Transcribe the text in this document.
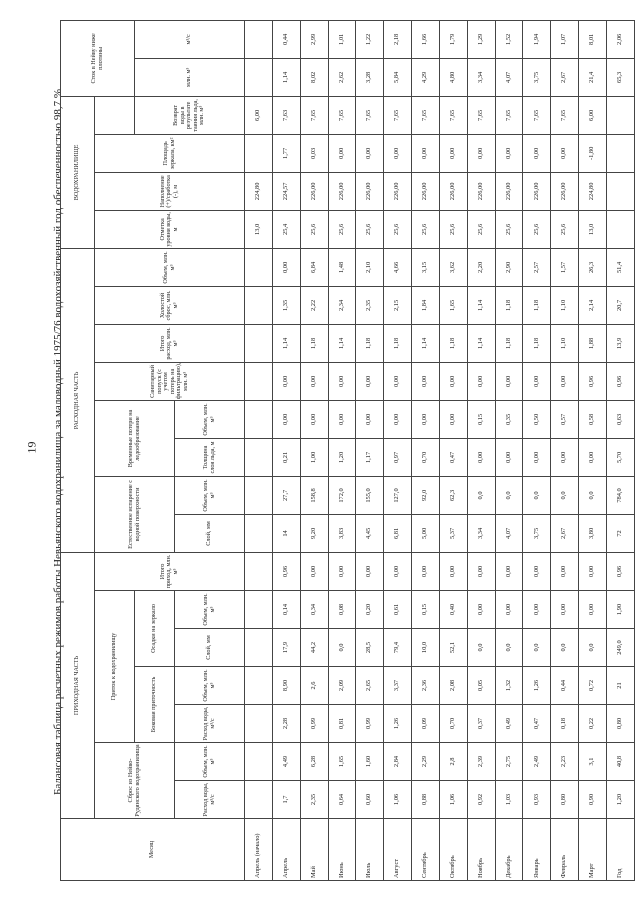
19 Балансовая таблица расчетных режимов работы Невьянского водохранилища за маловодный 1975/76 водохозяйственный год обеспеченностью 98,7 %
Месяц	ПРИХОДНАЯ ЧАСТЬ							РАСХОДНАЯ ЧАСТЬ								ВОДОХРАНИЛИЩЕ				Сток в Нейву ниже плотины	
	Сброс из Нейво-Рудянского водохранилища		Приток к водохранилищу				Итого приход, млн. м³	Естественное испарение с водной поверхности		Временные потери на ледообразование		Санитарный попуск (с учетом потерь на фильтрацию), млн. м³	Итого расход, млн. м³	Холостой сброс, млн. м³	Объем, млн. м³	Отметка уровня воды, м	Наполнение (+)/сработка (-), м	Площадь зеркала, км²				
			Боковая приточность		Осадки на зеркало														Возврат воды в результате таяния льда, млн. м³	млн. м³	м³/с	
	Расход воды, м³/с	Объем, млн. м³	Расход воды, м³/с	Объем, млн. м³	Слой, мм	Объем, млн. м³		Слой, мм	Объем, млн. м³	Толщина слоя льда, м	Объем, млн. м³											
Апрель (начало)																13,0	224,80		6,00			
Апрель	1,7	4,49	2,28	8,90	17,9	0,14	0,96	14	27,7	0,21	0,00	0,00	1,14	1,35	0,00	25,4	224,57	1,77	7,63	1,14	0,44	
Май	2,35	6,28	0,99	2,6	44,2	0,34	0,00	9,20	158,8	1,00	0,00	0,00	1,18	2,22	6,84	25,6	226,00	0,03	7,65	8,02	2,99	
Июнь	0,64	1,65	0,81	2,09	0,0	0,08	0,00	3,83	172,0	1,20	0,00	0,00	1,14	2,34	1,48	25,6	226,00	0,00	7,65	2,62	1,01	
Июль	0,60	1,60	0,99	2,65	28,5	0,20	0,00	4,45	155,0	1,17	0,00	0,00	1,18	2,35	2,10	25,6	226,00	0,00	7,65	3,28	1,22	
Август	1,06	2,84	1,26	3,37	79,4	0,61	0,00	6,81	127,0	0,97	0,00	0,00	1,18	2,15	4,66	25,6	226,00	0,00	7,65	5,84	2,18	
Сентябрь	0,88	2,29	0,09	2,36	10,0	0,15	0,00	5,00	92,0	0,70	0,00	0,00	1,14	1,84	3,15	25,6	226,00	0,00	7,65	4,29	1,66	
Октябрь	1,06	2,8	0,70	2,08	52,1	0,40	0,00	5,37	62,3	0,47	0,00	0,00	1,18	1,65	3,62	25,6	226,00	0,00	7,65	4,80	1,79	
Ноябрь	0,92	2,39	0,37	0,05	0,0	0,00	0,00	3,34	0,0	0,00	0,15	0,00	1,14	1,14	2,20	25,6	226,00	0,00	7,65	3,34	1,29	
Декабрь	1,03	2,75	0,49	1,32	0,0	0,00	0,00	4,07	0,0	0,00	0,35	0,00	1,18	1,18	2,90	25,6	226,00	0,00	7,65	4,07	1,52	
Январь	0,93	2,49	0,47	1,26	0,0	0,00	0,00	3,75	0,0	0,00	0,50	0,00	1,18	1,18	2,57	25,6	226,00	0,00	7,65	3,75	1,94	
Февраль	0,80	2,23	0,18	0,44	0,0	0,00	0,00	2,67	0,0	0,00	0,57	0,00	1,10	1,10	1,57	25,6	226,00	0,00	7,65	2,67	1,07	
Март	0,90	3,1	0,22	0,72	0,0	0,00	0,00	3,80	0,0	0,00	0,58	0,96	1,88	2,14	26,3	13,0	224,80	-1,80	6,00	21,4	8,01	
Год	1,20	40,8	0,80	21	249,0	1,90	0,96	72	784,0	5,70	0,63	0,96	13,9	20,7	51,4					65,3	2,06	
